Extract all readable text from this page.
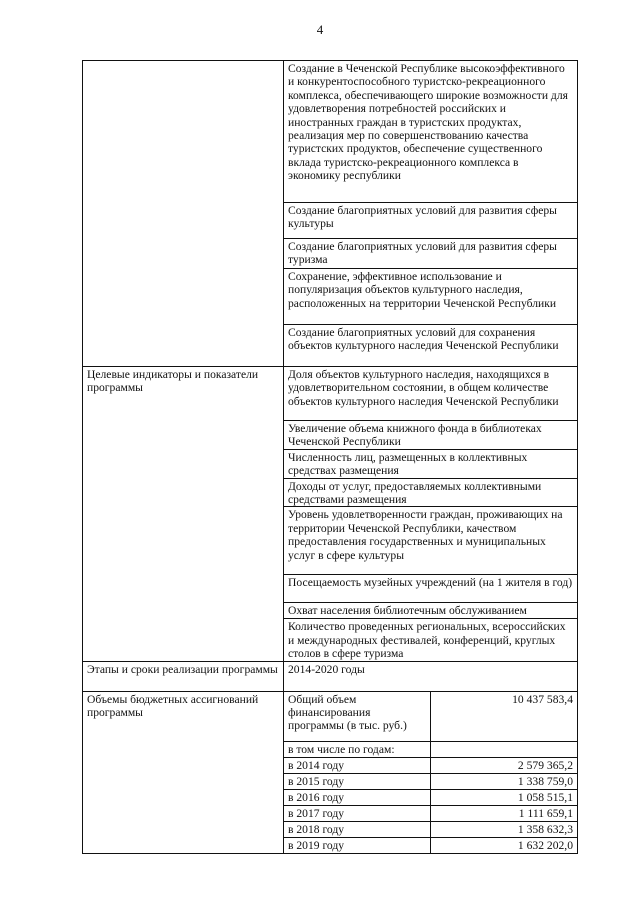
4
	Создание в Чеченской Республике высокоэффективного и конкурентоспособного туристско-рекреационного комплекса, обеспечивающего широкие возможности для удовлетворения потребностей российских и иностранных граждан в туристских продуктах, реализация мер по совершенствованию качества туристских продуктов, обеспечение существенного вклада туристско-рекреационного комплекса в экономику республики	
	Создание благоприятных условий для развития сферы культуры	
	Создание благоприятных условий для развития сферы туризма	
	Сохранение, эффективное использование и популяризация объектов культурного наследия, расположенных на территории Чеченской Республики	
	Создание благоприятных условий для сохранения объектов культурного наследия Чеченской Республики	
Целевые индикаторы и показатели программы	Доля объектов культурного наследия, находящихся в удовлетворительном состоянии, в общем количестве объектов культурного наследия Чеченской Республики	
	Увеличение объема книжного фонда в библиотеках Чеченской Республики	
	Численность лиц, размещенных в коллективных средствах размещения	
	Доходы от услуг, предоставляемых коллективными средствами размещения	
	Уровень удовлетворенности граждан, проживающих на территории Чеченской Республики, качеством предоставления государственных и муниципальных услуг в сфере культуры	
	Посещаемость музейных учреждений (на 1 жителя в год)	
	Охват населения библиотечным обслуживанием	
	Количество проведенных региональных, всероссийских и международных фестивалей, конференций, круглых столов в сфере туризма	
Этапы и сроки реализации программы	2014-2020 годы	
Объемы бюджетных ассигнований программы	Общий объем финансирования программы (в тыс. руб.)	10 437 583,4
	в том числе по годам:	
	в 2014 году	2 579 365,2
	в 2015 году	1 338 759,0
	в 2016 году	1 058 515,1
	в 2017 году	1 111 659,1
	в 2018 году	1 358 632,3
	в 2019 году	1 632 202,0
